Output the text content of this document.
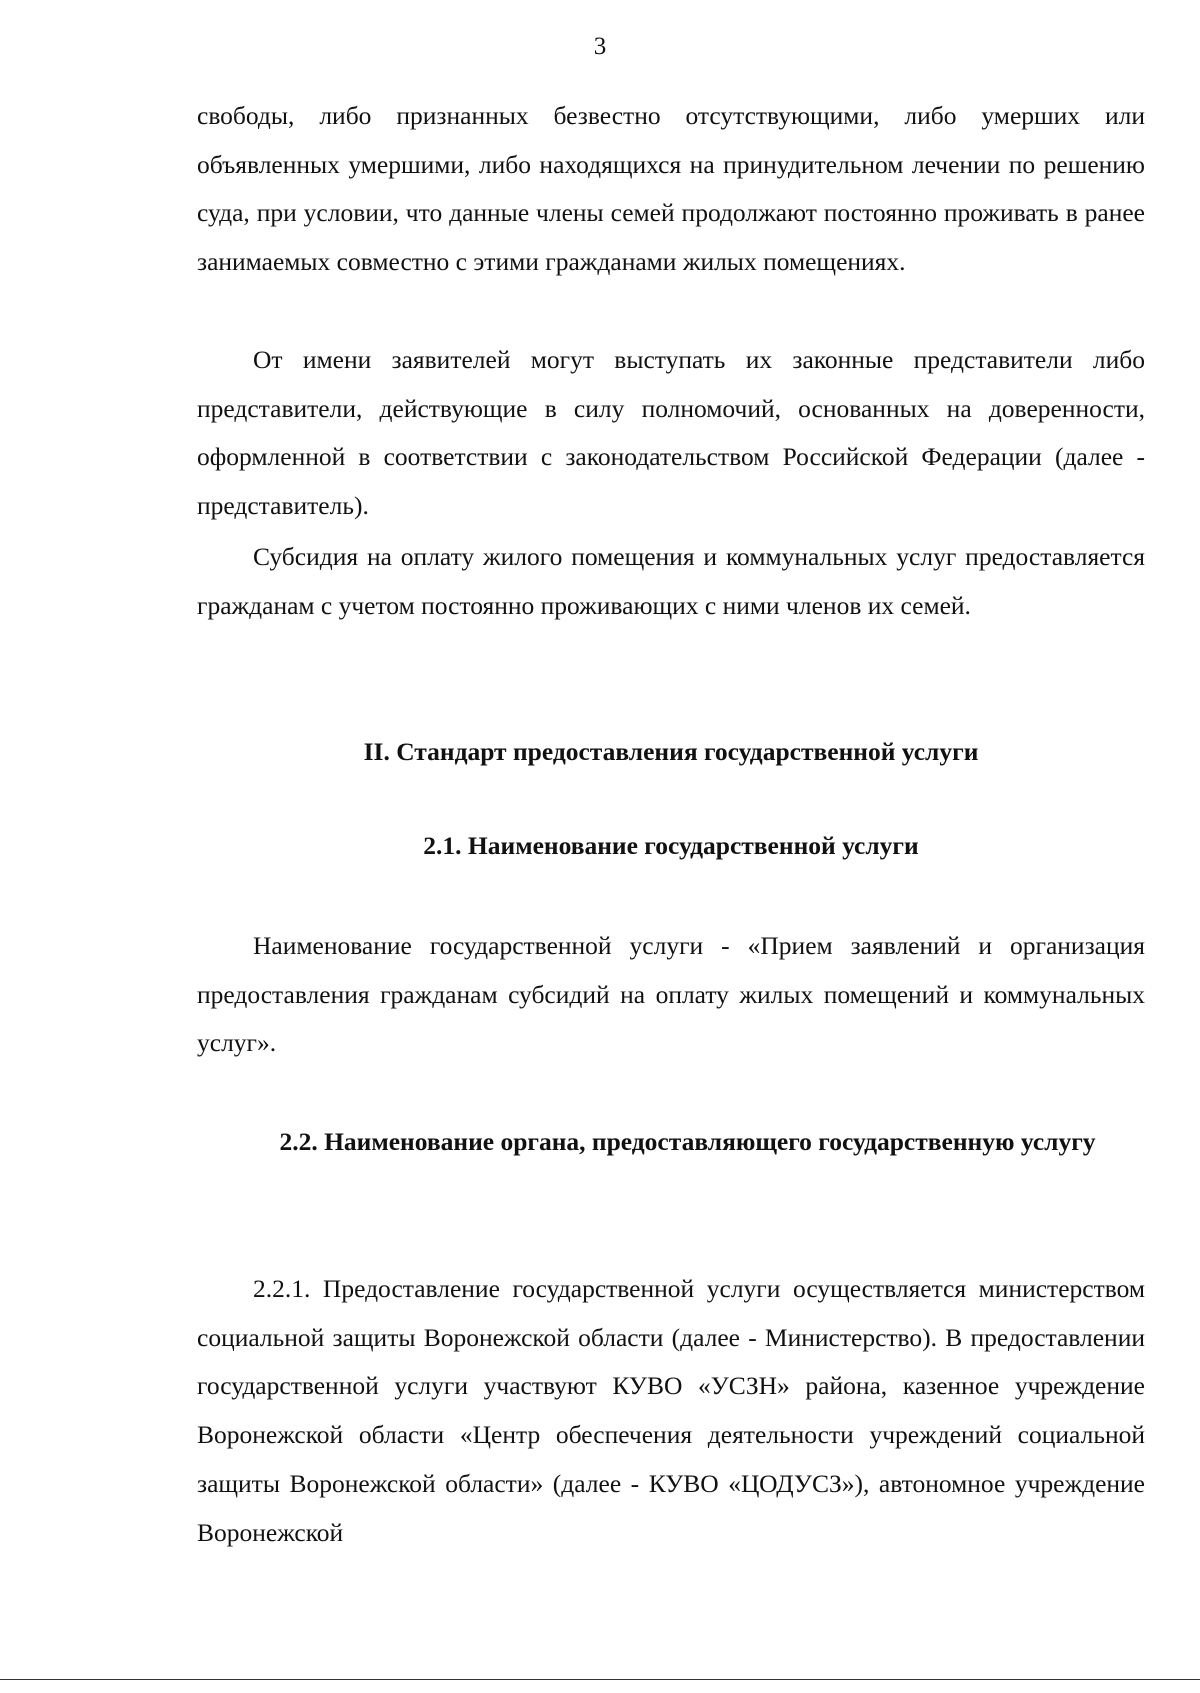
3

свободы, либо признанных безвестно отсутствующими, либо умерших или объявленных умершими, либо находящихся на принудительном лечении по решению суда, при условии, что данные члены семей продолжают постоянно проживать в ранее занимаемых совместно с этими гражданами жилых помещениях.

От имени заявителей могут выступать их законные представители либо представители, действующие в силу полномочий, основанных на доверенности, оформленной в соответствии с законодательством Российской Федерации (далее - представитель).

Субсидия на оплату жилого помещения и коммунальных услуг предоставляется гражданам с учетом постоянно проживающих с ними членов их семей.

II. Стандарт предоставления государственной услуги
2.1. Наименование государственной услуги

Наименование государственной услуги - «Прием заявлений и организация предоставления гражданам субсидий на оплату жилых помещений и коммунальных услуг».

2.2. Наименование органа, предоставляющего государственную услугу

2.2.1. Предоставление государственной услуги осуществляется министерством социальной защиты Воронежской области (далее - Министерство). В предоставлении государственной услуги участвуют КУВО «УСЗН» района, казенное учреждение Воронежской области «Центр обеспечения деятельности учреждений социальной защиты Воронежской области» (далее - КУВО «ЦОДУСЗ»), автономное учреждение Воронежской
